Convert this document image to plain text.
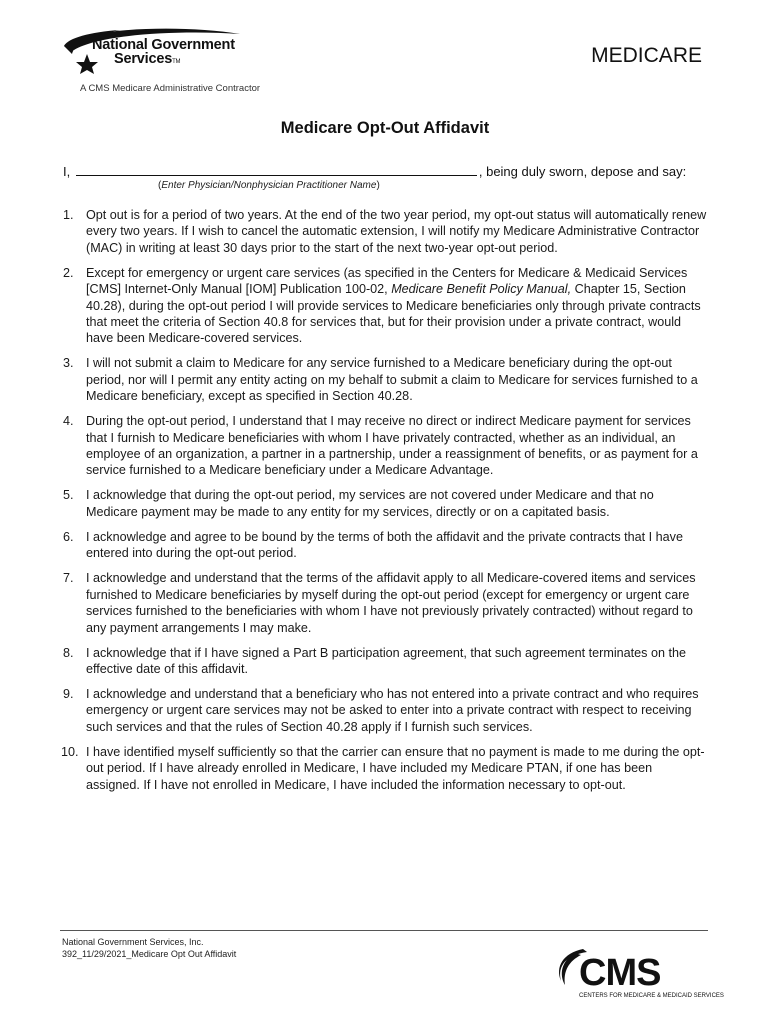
National Government
ServicesTM
A CMS Medicare Administrative Contractor
MEDICARE
Medicare Opt-Out Affidavit
I,	, being duly sworn, depose and say:
(Enter Physician/Nonphysician Practitioner Name)
1. Opt out is for a period of two years. At the end of the two year period, my opt-out status will automatically renew every two years. If I wish to cancel the automatic extension, I will notify my Medicare Administrative Contractor (MAC) in writing at least 30 days prior to the start of the next two-year opt-out period.
2. Except for emergency or urgent care services (as specified in the Centers for Medicare & Medicaid Services [CMS] Internet-Only Manual [IOM] Publication 100-02, Medicare Benefit Policy Manual, Chapter 15, Section 40.28), during the opt-out period I will provide services to Medicare beneficiaries only through private contracts that meet the criteria of Section 40.8 for services that, but for their provision under a private contract, would have been Medicare-covered services.
3. I will not submit a claim to Medicare for any service furnished to a Medicare beneficiary during the opt-out period, nor will I permit any entity acting on my behalf to submit a claim to Medicare for services furnished to a Medicare beneficiary, except as specified in Section 40.28.
4. During the opt-out period, I understand that I may receive no direct or indirect Medicare payment for services that I furnish to Medicare beneficiaries with whom I have privately contracted, whether as an individual, an employee of an organization, a partner in a partnership, under a reassignment of benefits, or as payment for a service furnished to a Medicare beneficiary under a Medicare Advantage.
5. I acknowledge that during the opt-out period, my services are not covered under Medicare and that no Medicare payment may be made to any entity for my services, directly or on a capitated basis.
6. I acknowledge and agree to be bound by the terms of both the affidavit and the private contracts that I have entered into during the opt-out period.
7. I acknowledge and understand that the terms of the affidavit apply to all Medicare-covered items and services furnished to Medicare beneficiaries by myself during the opt-out period (except for emergency or urgent care services furnished to the beneficiaries with whom I have not previously privately contracted) without regard to any payment arrangements I may make.
8. I acknowledge that if I have signed a Part B participation agreement, that such agreement terminates on the effective date of this affidavit.
9. I acknowledge and understand that a beneficiary who has not entered into a private contract and who requires emergency or urgent care services may not be asked to enter into a private contract with respect to receiving such services and that the rules of Section 40.28 apply if I furnish such services.
10. I have identified myself sufficiently so that the carrier can ensure that no payment is made to me during the opt-out period. If I have already enrolled in Medicare, I have included my Medicare PTAN, if one has been assigned. If I have not enrolled in Medicare, I have included the information necessary to opt-out.
National Government Services, Inc.
392_11/29/2021_Medicare Opt Out Affidavit	CMS
CENTERS FOR MEDICARE & MEDICAID SERVICES
